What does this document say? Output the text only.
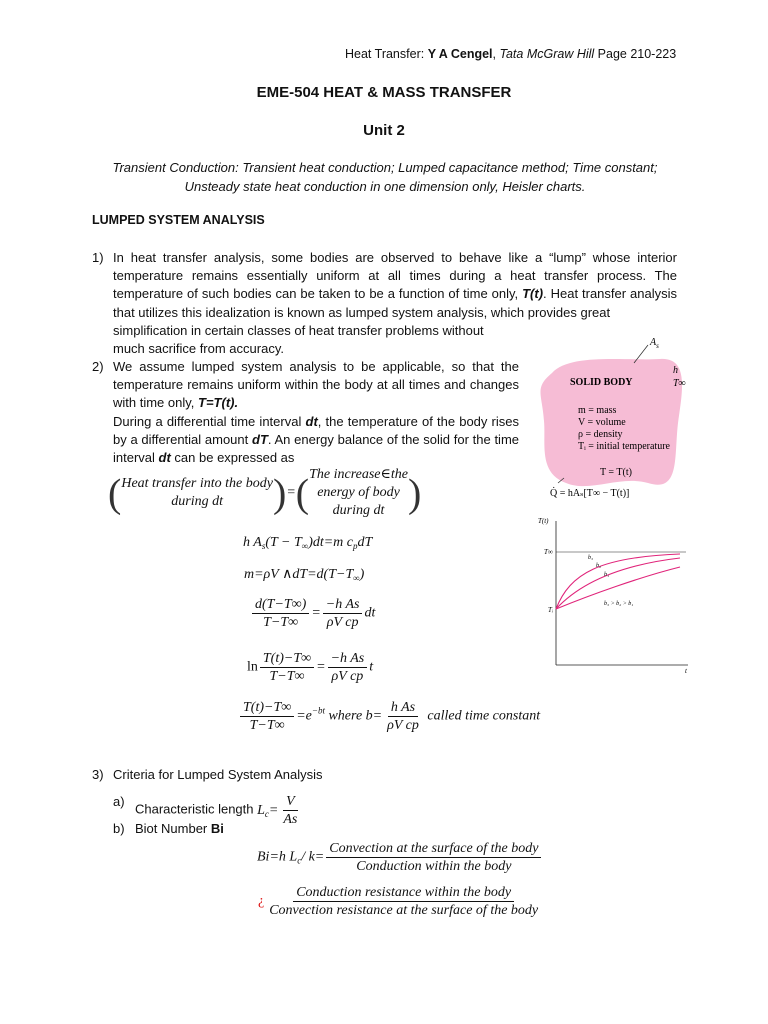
Heat Transfer: Y A Cengel, Tata McGraw Hill Page 210-223
EME-504 HEAT & MASS TRANSFER
Unit 2
Transient Conduction: Transient heat conduction; Lumped capacitance method; Time constant;
Unsteady state heat conduction in one dimension only, Heisler charts.
LUMPED SYSTEM ANALYSIS
1) In heat transfer analysis, some bodies are observed to behave like a “lump” whose interior temperature remains essentially uniform at all times during a heat transfer process. The temperature of such bodies can be taken to be a function of time only, T(t). Heat transfer analysis that utilizes this idealization is known as lumped system analysis, which provides great
simplification in certain classes of heat transfer problems without
much sacrifice from accuracy.
2) We assume lumped system analysis to be applicable, so that the temperature remains uniform within the body at all times and changes with time only, T=T(t).
During a differential time interval dt, the temperature of the body rises by a differential amount dT. An energy balance of the solid for the time interval dt can be expressed as
( Heat transfer into the body
during dt )=( The increase∈the
energy of body
during dt )
h $A_s(T - T_\infty)dt=m$ $c_pdT$
m=ρV $\wedge dT=d(T-T_\infty)$
$\frac{d(T-T\infty)}{T-T\infty} = \frac{\text{−h As}}{\text{ρV cp}}$ dt
$\ln \frac{T(t)-T\infty}{T-T\infty} = \frac{\text{−h As}}{\text{ρV cp}}$ t
$\frac{T(t)-T\infty}{T-T\infty} =e^{-bt}$ where $b= \frac{\text{h As}}{\text{ρV cp}}$ called time constant
3) Criteria for Lumped System Analysis
a)
Characteristic length $L_c= \frac{V}{As}$
b) Biot Number Bi
Bi=h $L_c/$ $k= \frac{\text{Convection at the surface of the body}}{\text{Conduction within the body}}$
¿ $\frac{\text{Conduction resistance within the body}}{\text{Convection resistance at the surface of the body}}$
$A_s$
h
T∞
SOLID BODY
m = mass
V = volume
ρ = density
Tᵢ = initial temperature
T = T(t)
Q̇ = hAₛ[T∞ − T(t)]
T(t)
T∞
Tᵢ
b₃
b₂
b₁
b₃ > b₂ > b₁
t
